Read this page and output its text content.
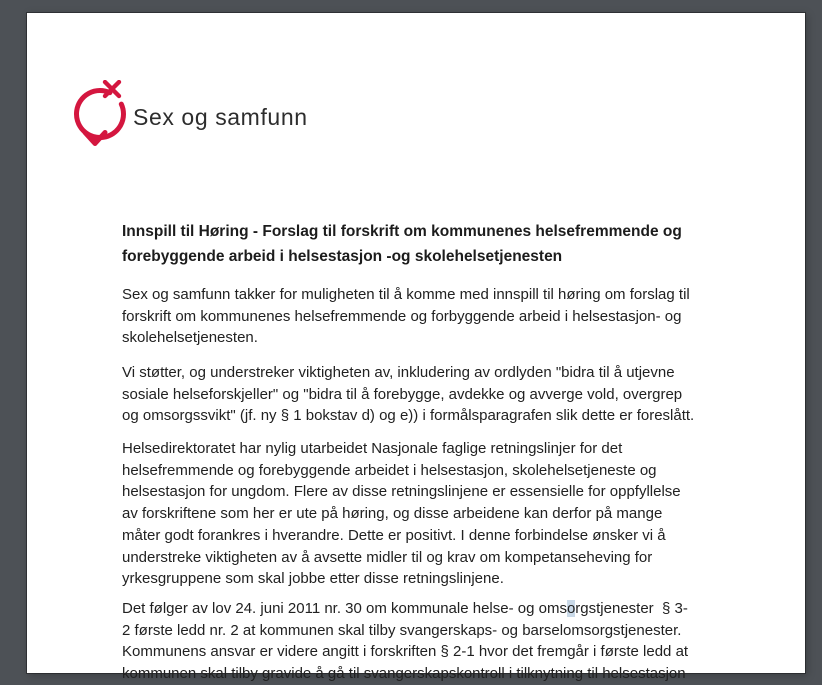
Sex og samfunn
Innspill til Høring - Forslag til forskrift om kommunenes helsefremmende og
forebyggende arbeid i helsestasjon -og skolehelsetjenesten
Sex og samfunn takker for muligheten til å komme med innspill til høring om forslag til
forskrift om kommunenes helsefremmende og forbyggende arbeid i helsestasjon- og
skolehelsetjenesten.
Vi støtter, og understreker viktigheten av, inkludering av ordlyden "bidra til å utjevne
sosiale helseforskjeller" og "bidra til å forebygge, avdekke og avverge vold, overgrep
og omsorgssvikt" (jf. ny § 1 bokstav d) og e)) i formålsparagrafen slik dette er foreslått.
Helsedirektoratet har nylig utarbeidet Nasjonale faglige retningslinjer for det
helsefremmende og forebyggende arbeidet i helsestasjon, skolehelsetjeneste og
helsestasjon for ungdom. Flere av disse retningslinjene er essensielle for oppfyllelse
av forskriftene som her er ute på høring, og disse arbeidene kan derfor på mange
måter godt forankres i hverandre. Dette er positivt. I denne forbindelse ønsker vi å
understreke viktigheten av å avsette midler til og krav om kompetanseheving for
yrkesgruppene som skal jobbe etter disse retningslinjene.
Det følger av lov 24. juni 2011 nr. 30 om kommunale helse- og omsorgstjenester  § 3-
2 første ledd nr. 2 at kommunen skal tilby svangerskaps- og barselomsorgstjenester.
Kommunens ansvar er videre angitt i forskriften § 2-1 hvor det fremgår i første ledd at
kommunen skal tilby gravide å gå til svangerskapskontroll i tilknytning til helsestasjon
